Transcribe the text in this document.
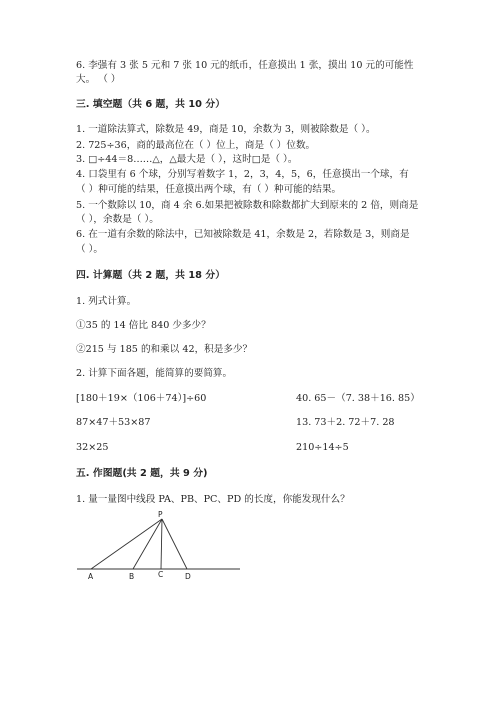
6. 李强有 3 张 5 元和 7 张 10 元的纸币，任意摸出 1 张，摸出 10 元的可能性

大。 （ ）

三. 填空题（共 6 题，共 10 分）

1. 一道除法算式，除数是 49，商是 10，余数为 3，则被除数是（ ）。

2. 725÷36，商的最高位在（ ）位上，商是（ ）位数。

3. □÷44＝8……△，△最大是（ ），这时□是（ ）。

4. 口袋里有 6 个球，分别写着数字 1，2，3，4，5，6，任意摸出一个球，有

（ ）种可能的结果，任意摸出两个球，有（ ）种可能的结果。

5. 一个数除以 10，商 4 余 6.如果把被除数和除数都扩大到原来的 2 倍，则商是

（ ），余数是（ ）。

6. 在一道有余数的除法中，已知被除数是 41，余数是 2，若除数是 3，则商是

（ ）。

四. 计算题（共 2 题，共 18 分）

1. 列式计算。

①35 的 14 倍比 840 少多少？

②215 与 185 的和乘以 42，积是多少？

2. 计算下面各题，能简算的要简算。

[180＋19×（106＋74）]÷60	40. 65－（7. 38＋16. 85）

87×47＋53×87	13. 73＋2. 72＋7. 28

32×25	210÷14÷5

五. 作图题(共 2 题，共 9 分)

1. 量一量图中线段 PA、PB、PC、PD 的长度，你能发现什么？

P
A	B	C	D
